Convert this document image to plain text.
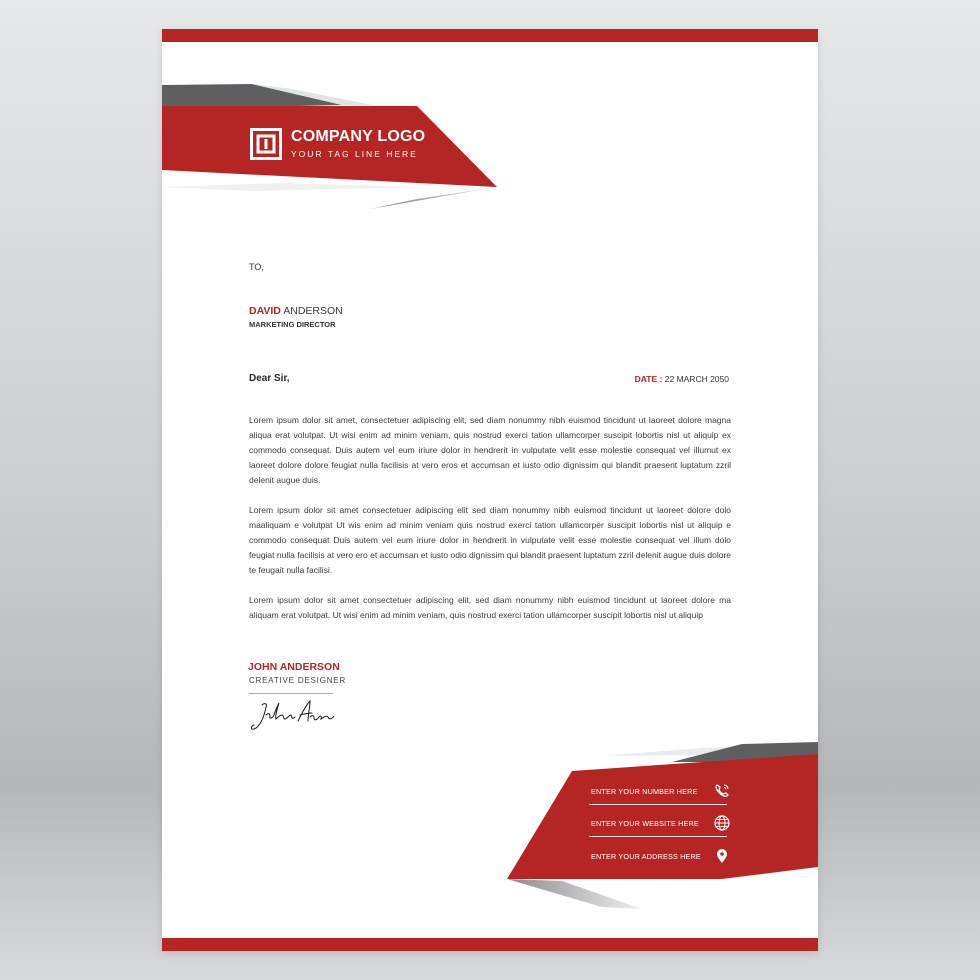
COMPANY LOGO
YOUR TAG LINE HERE
TO,
DAVID ANDERSON
MARKETING DIRECTOR
Dear Sir,	DATE : 22 MARCH 2050
Lorem ipsum dolor sit amet, consectetuer adipiscing elit, sed diam nonummy nibh euismod tincidunt ut laoreet dolore magna aliqua erat volutpat. Ut wisi enim ad minim veniam, quis nostrud exerci tation ullamcorper suscipit lobortis nisl ut aliquip ex commodo consequat. Duis autem vel eum iriure dolor in hendrerit in vulputate velit esse molestie consequat vel illumut ex laoreet dolore dolore feugiat nulla facilisis at vero eros et accumsan et iusto odio dignissim qui blandit praesent luptatum zzril delenit augue duis.
Lorem ipsum dolor sit amet consectetuer adipiscing elit sed diam nonummy nibh euismod tincidunt ut laoreet dolore dolo maaliquam e volutpat Ut wis enim ad minim veniam quis nostrud exerci tation ullamcorper suscipit lobortis nisl ut aliquip e commodo consequat Duis autem vel eum iriure dolor in hendrerit in vulputate velit esse molestie consequat vel illum dolo feugiat nulla facilisis at vero ero et accumsan et iusto odio dignissim qui blandit praesent luptatum zzril delenit augue duis dolore te feugait nulla facilisi.
Lorem ipsum dolor sit amet consectetuer adipiscing elit, sed diam nonummy nibh euismod tincidunt ut laoreet dolore ma aliquam erat volutpat. Ut wisi enim ad minim veniam, quis nostrud exerci tation ullamcorper suscipit lobortis nisl ut aliquip
JOHN ANDERSON
CREATIVE DESIGNER
ENTER YOUR NUMBER HERE
ENTER YOUR WEBSITE HERE
ENTER YOUR ADDRESS HERE
